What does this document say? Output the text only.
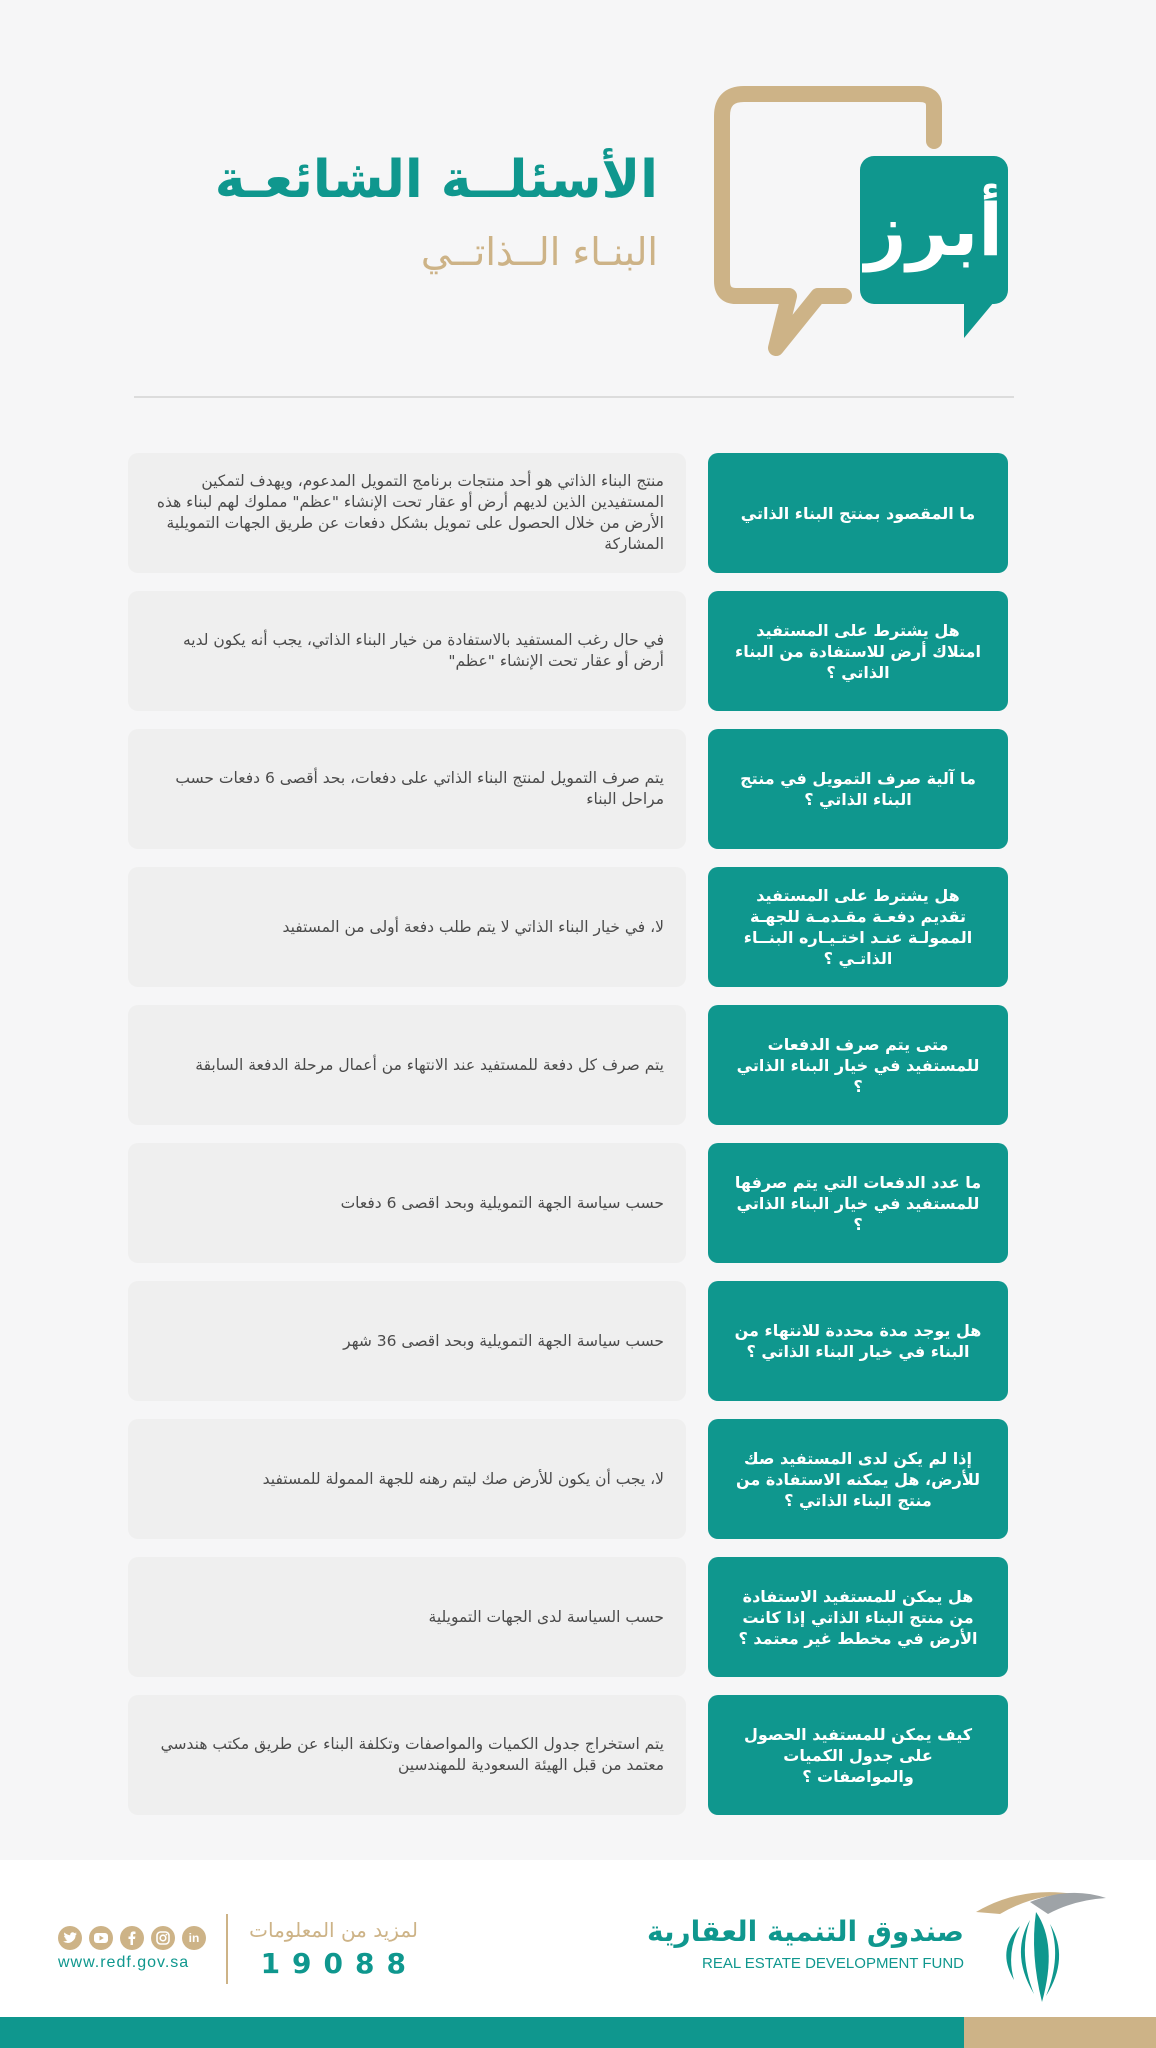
أبرز
الأسئلــة الشائعـة
البنـاء الــذاتــي
منتج البناء الذاتي هو أحد منتجات برنامج التمويل المدعوم، ويهدف لتمكين المستفيدين الذين لديهم أرض أو عقار تحت الإنشاء "عظم" مملوك لهم لبناء هذه الأرض من خلال الحصول على تمويل بشكل دفعات عن طريق الجهات التمويلية المشاركة
ما المقصود بمنتج البناء الذاتي
في حال رغب المستفيد بالاستفادة من خيار البناء الذاتي، يجب أنه يكون لديه أرض أو عقار تحت الإنشاء "عظم"
هل يشترط على المستفيد امتلاك أرض للاستفادة من البناء الذاتي ؟
يتم صرف التمويل لمنتج البناء الذاتي على دفعات، بحد أقصى 6 دفعات حسب مراحل البناء
ما آلية صرف التمويل في منتج البناء الذاتي ؟
لا، في خيار البناء الذاتي لا يتم طلب دفعة أولى من المستفيد
هل يشترط على المستفيد تقديم دفعـة مقـدمـة للجهـة الممولـة عنـد اختـيـاره البنــاء الذاتـي ؟
يتم صرف كل دفعة للمستفيد عند الانتهاء من أعمال مرحلة الدفعة السابقة
متى يتم صرف الدفعات للمستفيد في خيار البناء الذاتي ؟
حسب سياسة الجهة التمويلية وبحد اقصى 6 دفعات
ما عدد الدفعات التي يتم صرفها للمستفيد في خيار البناء الذاتي ؟
حسب سياسة الجهة التمويلية وبحد اقصى 36 شهر
هل يوجد مدة محددة للانتهاء من البناء في خيار البناء الذاتي ؟
لا، يجب أن يكون للأرض صك ليتم رهنه للجهة الممولة للمستفيد
إذا لم يكن لدى المستفيد صك للأرض، هل يمكنه الاستفادة من منتج البناء الذاتي ؟
حسب السياسة لدى الجهات التمويلية
هل يمكن للمستفيد الاستفادة من منتج البناء الذاتي إذا كانت الأرض في مخطط غير معتمد ؟
يتم استخراج جدول الكميات والمواصفات وتكلفة البناء عن طريق مكتب هندسي معتمد من قبل الهيئة السعودية للمهندسين
كيف يمكن للمستفيد الحصول على جدول الكميات والمواصفات ؟
صندوق التنمية العقارية
REAL ESTATE DEVELOPMENT FUND
لمزيد من المعلومات
19088
in
www.redf.gov.sa
